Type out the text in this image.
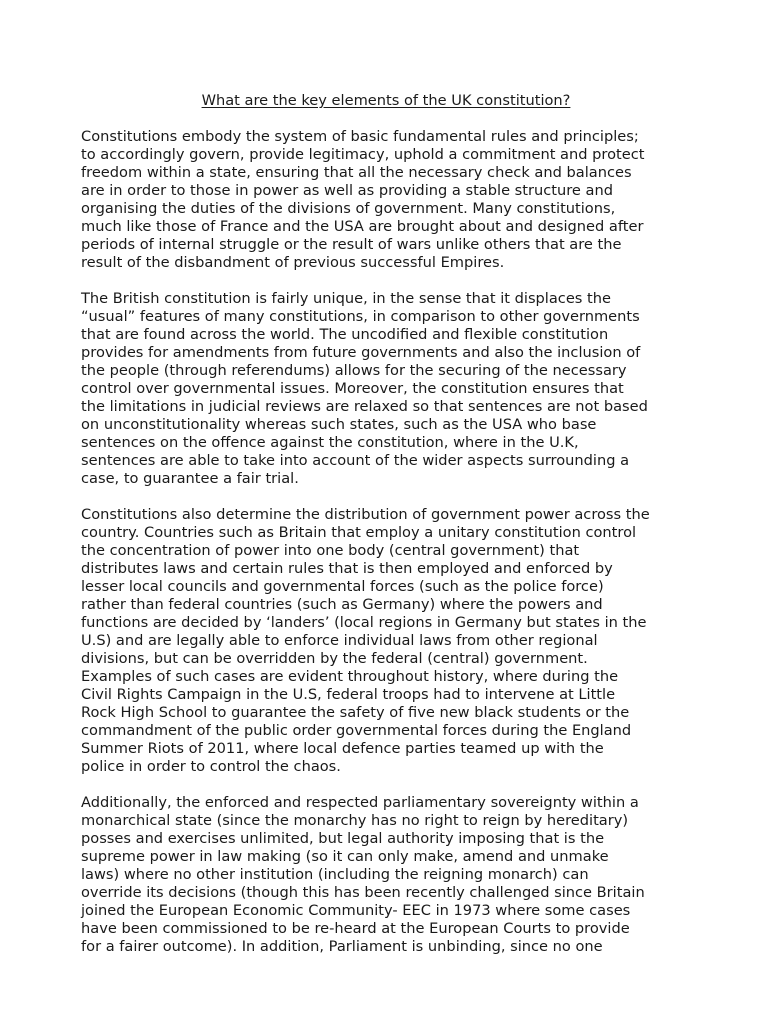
What are the key elements of the UK constitution?
Constitutions embody the system of basic fundamental rules and principles;
to accordingly govern, provide legitimacy, uphold a commitment and protect
freedom within a state, ensuring that all the necessary check and balances
are in order to those in power as well as providing a stable structure and
organising the duties of the divisions of government. Many constitutions,
much like those of France and the USA are brought about and designed after
periods of internal struggle or the result of wars unlike others that are the
result of the disbandment of previous successful Empires.
The British constitution is fairly unique, in the sense that it displaces the
“usual” features of many constitutions, in comparison to other governments
that are found across the world. The uncodified and flexible constitution
provides for amendments from future governments and also the inclusion of
the people (through referendums) allows for the securing of the necessary
control over governmental issues. Moreover, the constitution ensures that
the limitations in judicial reviews are relaxed so that sentences are not based
on unconstitutionality whereas such states, such as the USA who base
sentences on the offence against the constitution, where in the U.K,
sentences are able to take into account of the wider aspects surrounding a
case, to guarantee a fair trial.
Constitutions also determine the distribution of government power across the
country. Countries such as Britain that employ a unitary constitution control
the concentration of power into one body (central government) that
distributes laws and certain rules that is then employed and enforced by
lesser local councils and governmental forces (such as the police force)
rather than federal countries (such as Germany) where the powers and
functions are decided by ‘landers’ (local regions in Germany but states in the
U.S) and are legally able to enforce individual laws from other regional
divisions, but can be overridden by the federal (central) government.
Examples of such cases are evident throughout history, where during the
Civil Rights Campaign in the U.S, federal troops had to intervene at Little
Rock High School to guarantee the safety of five new black students or the
commandment of the public order governmental forces during the England
Summer Riots of 2011, where local defence parties teamed up with the
police in order to control the chaos.
Additionally, the enforced and respected parliamentary sovereignty within a
monarchical state (since the monarchy has no right to reign by hereditary)
posses and exercises unlimited, but legal authority imposing that is the
supreme power in law making (so it can only make, amend and unmake
laws) where no other institution (including the reigning monarch) can
override its decisions (though this has been recently challenged since Britain
joined the European Economic Community- EEC in 1973 where some cases
have been commissioned to be re-heard at the European Courts to provide
for a fairer outcome). In addition, Parliament is unbinding, since no one
